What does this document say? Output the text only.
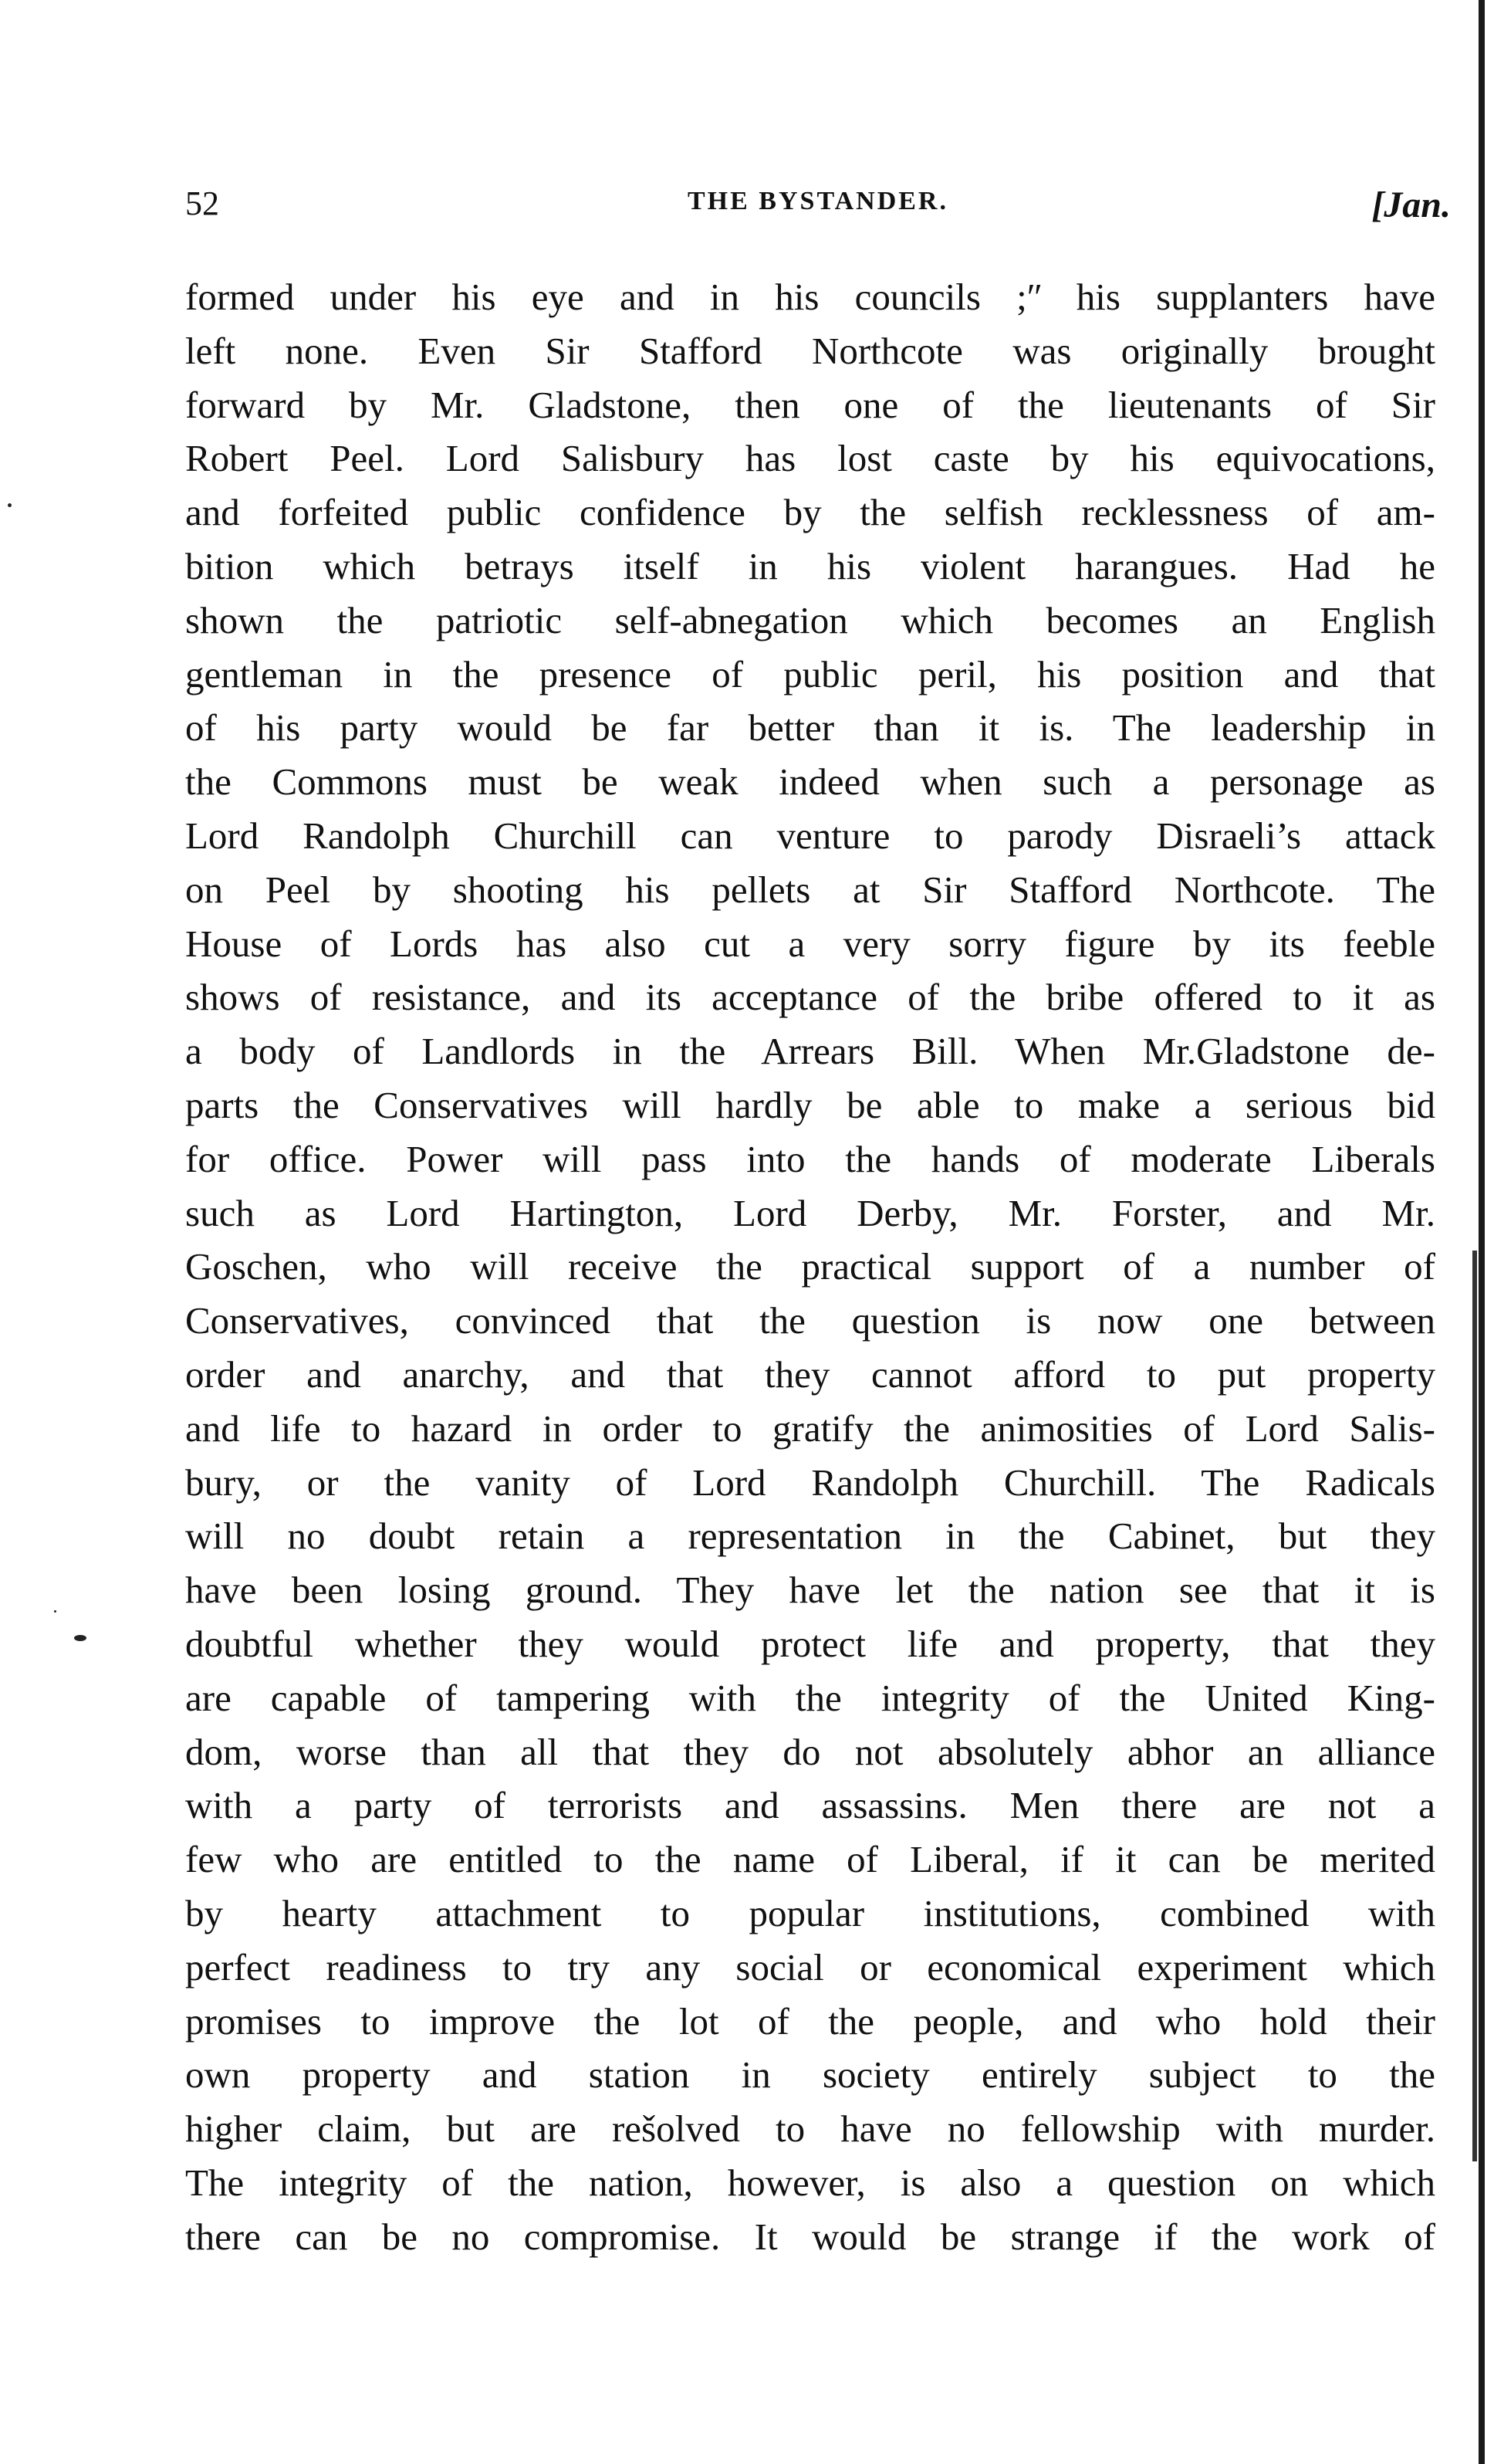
52	THE BYSTANDER.	[Jan.
formed under his eye and in his councils ;ʺ his supplanters have
left none. Even Sir Stafford Northcote was originally brought
forward by Mr. Gladstone, then one of the lieutenants of Sir
Robert Peel. Lord Salisbury has lost caste by his equivocations,
and forfeited public confidence by the selfish recklessness of am-
bition which betrays itself in his violent harangues. Had he
shown the patriotic self-abnegation which becomes an English
gentleman in the presence of public peril, his position and that
of his party would be far better than it is. The leadership in
the Commons must be weak indeed when such a personage as
Lord Randolph Churchill can venture to parody Disraeli’s attack
on Peel by shooting his pellets at Sir Stafford Northcote. The
House of Lords has also cut a very sorry figure by its feeble
shows of resistance, and its acceptance of the bribe offered to it as
a body of Landlords in the Arrears Bill. When Mr.Gladstone de-
parts the Conservatives will hardly be able to make a serious bid
for office. Power will pass into the hands of moderate Liberals
such as Lord Hartington, Lord Derby, Mr. Forster, and Mr.
Goschen, who will receive the practical support of a number of
Conservatives, convinced that the question is now one between
order and anarchy, and that they cannot afford to put property
and life to hazard in order to gratify the animosities of Lord Salis-
bury, or the vanity of Lord Randolph Churchill. The Radicals
will no doubt retain a representation in the Cabinet, but they
have been losing ground. They have let the nation see that it is
doubtful whether they would protect life and property, that they
are capable of tampering with the integrity of the United King-
dom, worse than all that they do not absolutely abhor an alliance
with a party of terrorists and assassins. Men there are not a
few who are entitled to the name of Liberal, if it can be merited
by hearty attachment to popular institutions, combined with
perfect readiness to try any social or economical experiment which
promises to improve the lot of the people, and who hold their
own property and station in society entirely subject to the
higher claim, but are rešolved to have no fellowship with murder.
The integrity of the nation, however, is also a question on which
there can be no compromise. It would be strange if the work of
